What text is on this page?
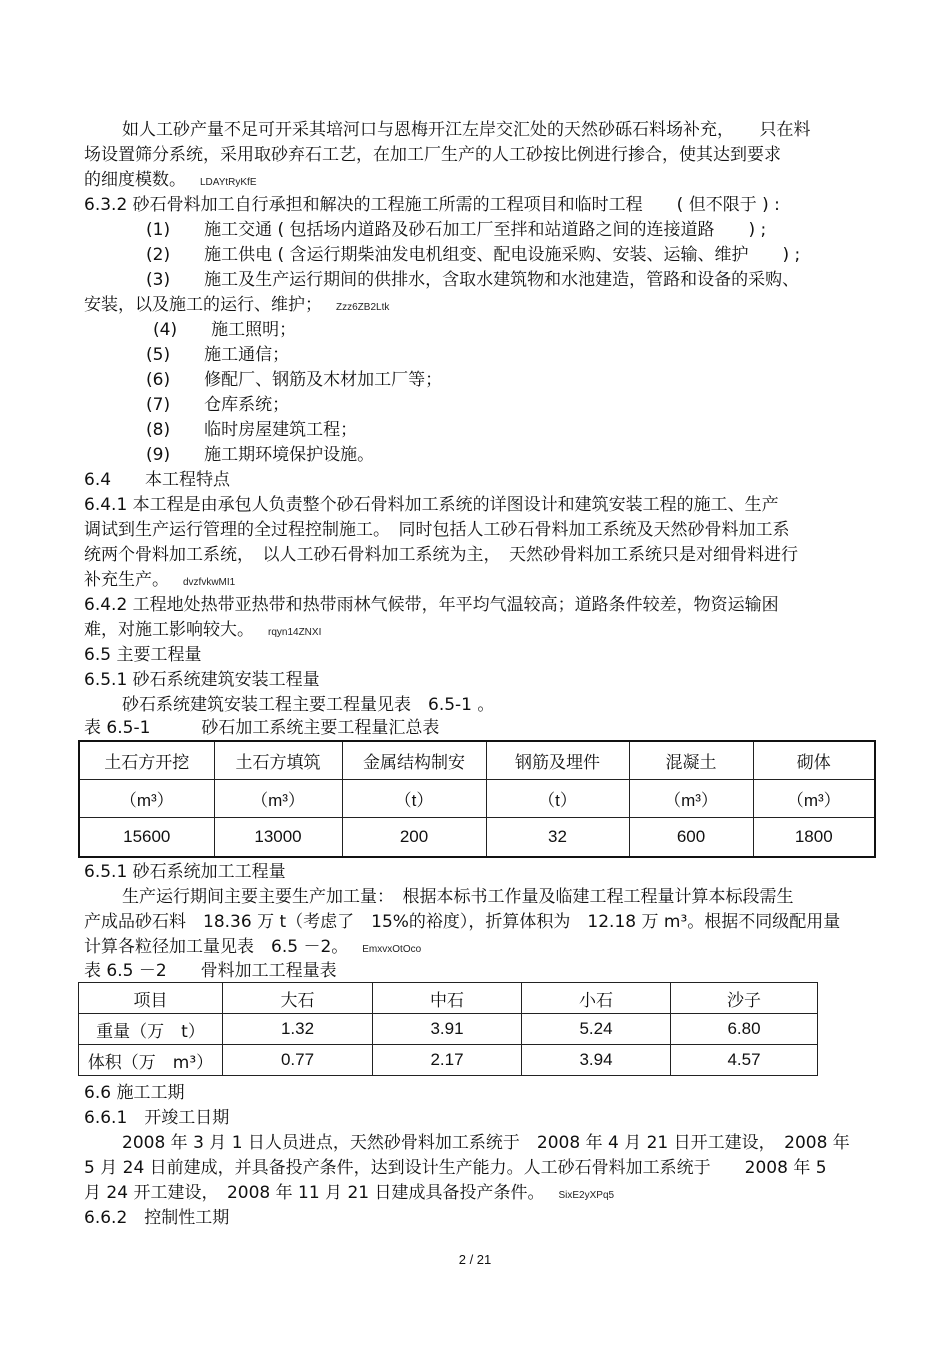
如人工砂产量不足可开采其培河口与恩梅开江左岸交汇处的天然砂砾石料场补充，　　只在料
场设置筛分系统，采用取砂弃石工艺，在加工厂生产的人工砂按比例进行掺合，使其达到要求
的细度模数。 LDAYtRyKfE
6.3.2 砂石骨料加工自行承担和解决的工程施工所需的工程项目和临时工程　　( 但不限于 ) :
(1)　　施工交通 ( 包括场内道路及砂石加工厂至拌和站道路之间的连接道路　　) ;
(2)　　施工供电 ( 含运行期柴油发电机组变、配电设施采购、安装、运输、维护　　) ;
(3)　　施工及生产运行期间的供排水，含取水建筑物和水池建造，管路和设备的采购、
安装，以及施工的运行、维护； Zzz6ZB2Ltk
(4)　　施工照明；
(5)　　施工通信；
(6)　　修配厂、钢筋及木材加工厂等；
(7)　　仓库系统；
(8)　　临时房屋建筑工程；
(9)　　施工期环境保护设施。
6.4　　本工程特点
6.4.1 本工程是由承包人负责整个砂石骨料加工系统的详图设计和建筑安装工程的施工、生产
调试到生产运行管理的全过程控制施工。　同时包括人工砂石骨料加工系统及天然砂骨料加工系
统两个骨料加工系统，　以人工砂石骨料加工系统为主，　天然砂骨料加工系统只是对细骨料进行
补充生产。 dvzfvkwMI1
6.4.2 工程地处热带亚热带和热带雨林气候带，年平均气温较高；道路条件较差，物资运输困
难，对施工影响较大。 rqyn14ZNXI
6.5 主要工程量
6.5.1 砂石系统建筑安装工程量
砂石系统建筑安装工程主要工程量见表　6.5-1 。
表 6.5-1　　　砂石加工系统主要工程量汇总表
6.5.1 砂石系统加工工程量
生产运行期间主要主要生产加工量：　根据本标书工作量及临建工程工程量计算本标段需生
产成品砂石料　18.36 万 t（考虑了　15%的裕度），折算体积为　12.18 万 m³。根据不同级配用量
计算各粒径加工量见表　6.5 －2。 EmxvxOtOco
表 6.5 －2　　骨料加工工程量表
6.6 施工工期
6.6.1　开竣工日期
2008 年 3 月 1 日人员进点，天然砂骨料加工系统于　2008 年 4 月 21 日开工建设，　2008 年
5 月 24 日前建成，并具备投产条件，达到设计生产能力。人工砂石骨料加工系统于　　2008 年 5
月 24 开工建设，　2008 年 11 月 21 日建成具备投产条件。 SixE2yXPq5
6.6.2　控制性工期
土石方开挖	土石方填筑	金属结构制安	钢筋及埋件	混凝土	砌体
（m³）	（m³）	（t）	（t）	（m³）	（m³）
15600	13000	200	32	600	1800
项目	大石	中石	小石	沙子
重量（万　t）	1.32	3.91	5.24	6.80
体积（万　m³）	0.77	2.17	3.94	4.57
2 / 21
